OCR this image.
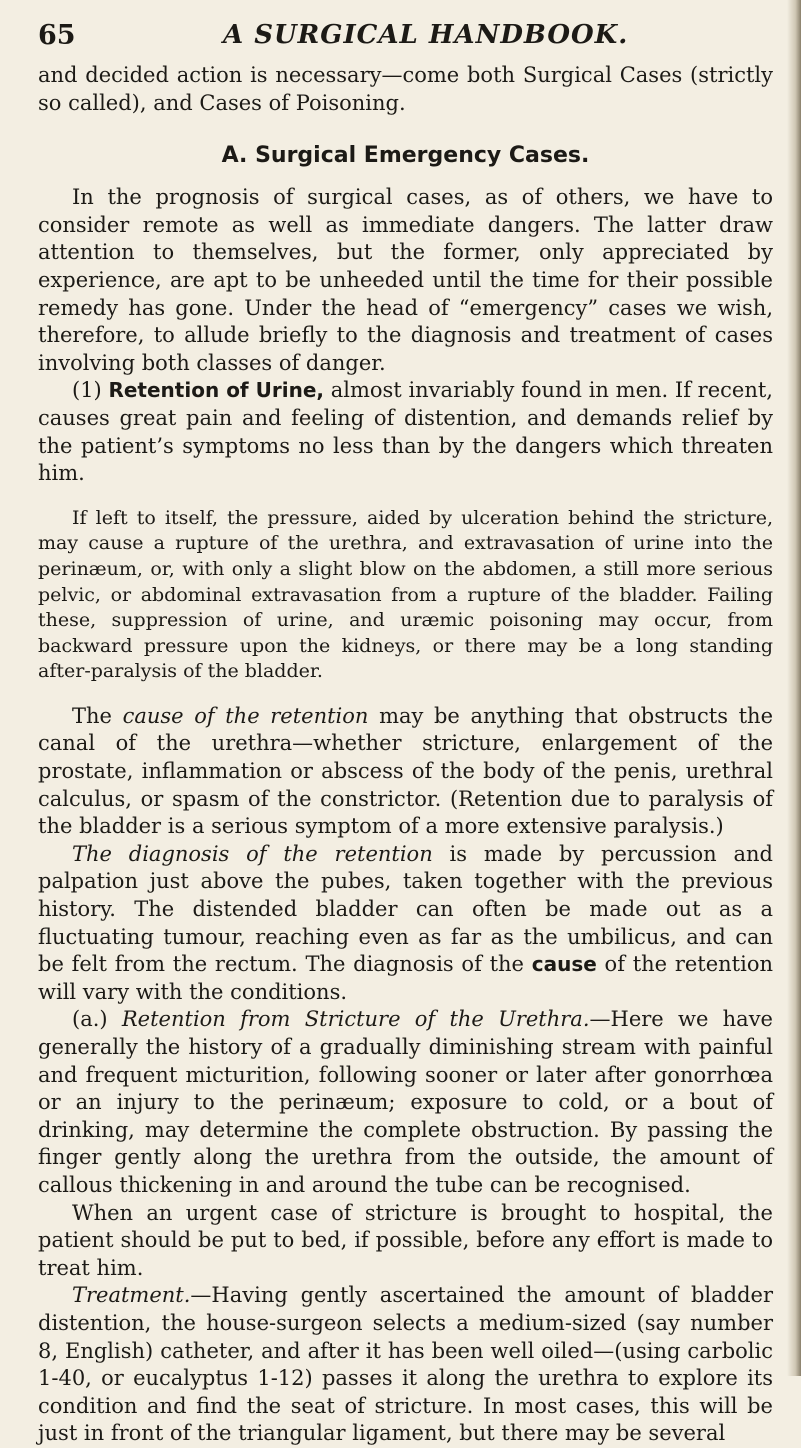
65	A SURGICAL HANDBOOK.

and decided action is necessary—come both Surgical Cases (strictly so called), and Cases of Poisoning.

A. Surgical Emergency Cases.

In the prognosis of surgical cases, as of others, we have to consider remote as well as immediate dangers. The latter draw attention to themselves, but the former, only appreciated by experience, are apt to be unheeded until the time for their possible remedy has gone. Under the head of “emergency” cases we wish, therefore, to allude briefly to the diagnosis and treatment of cases involving both classes of danger.

(1) Retention of Urine, almost invariably found in men. If recent, causes great pain and feeling of distention, and demands relief by the patient’s symptoms no less than by the dangers which threaten him.

If left to itself, the pressure, aided by ulceration behind the stricture, may cause a rupture of the urethra, and extravasation of urine into the perinæum, or, with only a slight blow on the abdomen, a still more serious pelvic, or abdominal extravasation from a rupture of the bladder. Failing these, suppression of urine, and uræmic poisoning may occur, from backward pressure upon the kidneys, or there may be a long standing after-paralysis of the bladder.

The cause of the retention may be anything that obstructs the canal of the urethra—whether stricture, enlargement of the prostate, inflammation or abscess of the body of the penis, urethral calculus, or spasm of the constrictor. (Retention due to paralysis of the bladder is a serious symptom of a more extensive paralysis.)

The diagnosis of the retention is made by percussion and palpation just above the pubes, taken together with the previous history. The distended bladder can often be made out as a fluctuating tumour, reaching even as far as the umbilicus, and can be felt from the rectum. The diagnosis of the cause of the retention will vary with the conditions.

(a.) Retention from Stricture of the Urethra.—Here we have generally the history of a gradually diminishing stream with painful and frequent micturition, following sooner or later after gonorrhœa or an injury to the perinæum; exposure to cold, or a bout of drinking, may determine the complete obstruction. By passing the finger gently along the urethra from the outside, the amount of callous thickening in and around the tube can be recognised.

When an urgent case of stricture is brought to hospital, the patient should be put to bed, if possible, before any effort is made to treat him.

Treatment.—Having gently ascertained the amount of bladder distention, the house-surgeon selects a medium-sized (say number 8, English) catheter, and after it has been well oiled—(using carbolic 1-40, or eucalyptus 1-12) passes it along the urethra to explore its condition and find the seat of stricture. In most cases, this will be just in front of the triangular ligament, but there may be several
